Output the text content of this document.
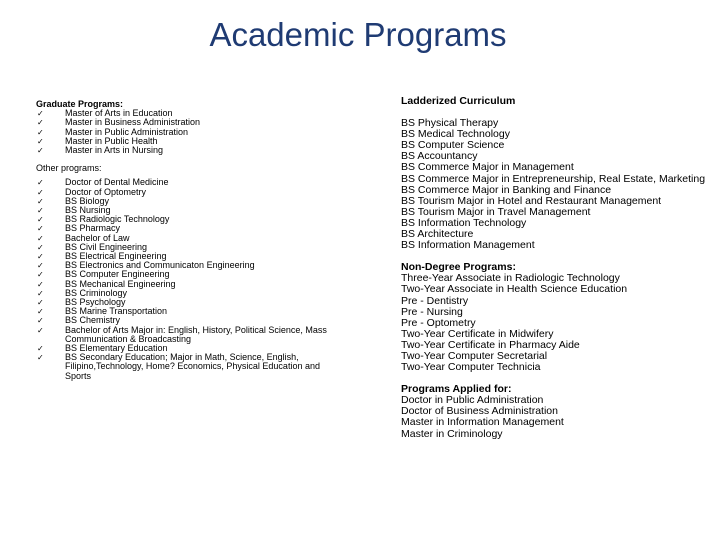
Academic Programs
Graduate Programs:
✓ Master of Arts in Education
✓ Master in Business Administration
✓ Master in Public Administration
✓ Master in Public Health
✓ Master in Arts in Nursing
Other programs:
✓ Doctor of Dental Medicine
✓ Doctor of Optometry
✓ BS Biology
✓ BS Nursing
✓ BS Radiologic Technology
✓ BS Pharmacy
✓ Bachelor of Law
✓ BS Civil Engineering
✓ BS Electrical Engineering
✓ BS Electronics and Communicaton Engineering
✓ BS Computer Engineering
✓ BS Mechanical Engineering
✓ BS Criminology
✓ BS Psychology
✓ BS Marine Transportation
✓ BS Chemistry
✓ Bachelor of Arts Major in: English, History, Political Science, Mass Communication & Broadcasting
✓ BS Elementary Education
✓ BS Secondary Education; Major in Math, Science, English, Filipino,Technology, Home? Economics, Physical Education and Sports
Ladderized Curriculum
BS Physical Therapy
BS Medical Technology
BS Computer Science
BS Accountancy
BS Commerce Major in Management
BS Commerce Major in Entrepreneurship, Real Estate, Marketing
BS Commerce Major in Banking and Finance
BS Tourism Major in Hotel and Restaurant Management
BS Tourism Major in Travel Management
BS Information Technology
BS Architecture
BS Information Management
Non-Degree Programs:
Three-Year Associate in Radiologic Technology
Two-Year Associate in Health Science Education
Pre - Dentistry
Pre - Nursing
Pre - Optometry
Two-Year Certificate in Midwifery
Two-Year Certificate in Pharmacy Aide
Two-Year Computer Secretarial
Two-Year Computer Technicia
Programs Applied for:
Doctor in Public Administration
Doctor of Business Administration
Master in Information Management
Master in Criminology
